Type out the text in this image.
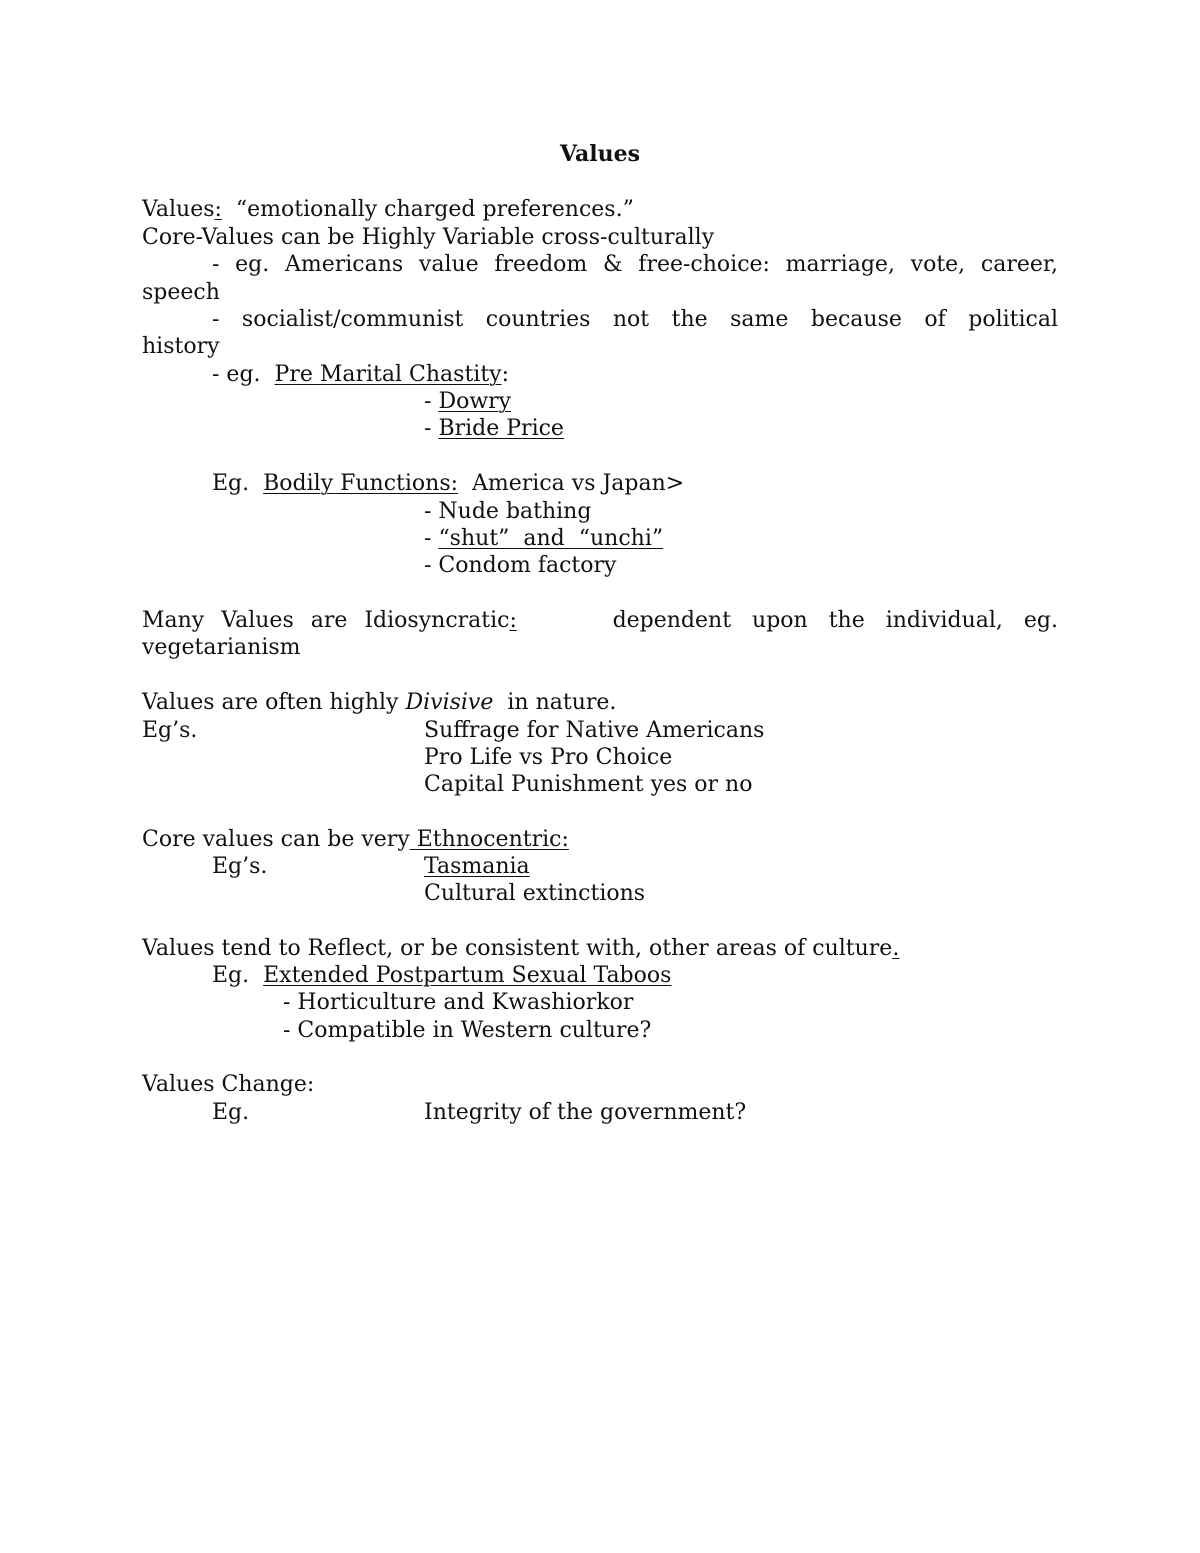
Values
Values:  “emotionally charged preferences.”
Core-Values can be Highly Variable cross-culturally
- eg. Americans value freedom & free-choice: marriage, vote, career,
speech
- socialist/communist countries not the same because of political
history
- eg.  Pre Marital Chastity:
- Dowry
- Bride Price
Eg.  Bodily Functions:  America vs Japan>
- Nude bathing
- “shut”  and  “unchi”
- Condom factory
Many Values are Idiosyncratic:	dependent upon the individual, eg.
vegetarianism
Values are often highly Divisive  in nature.
Eg’s.	Suffrage for Native Americans
Pro Life vs Pro Choice
Capital Punishment yes or no
Core values can be very Ethnocentric:
Eg’s.	Tasmania
Cultural extinctions
Values tend to Reflect, or be consistent with, other areas of culture.
Eg.  Extended Postpartum Sexual Taboos
- Horticulture and Kwashiorkor
- Compatible in Western culture?
Values Change:
Eg.	Integrity of the government?
